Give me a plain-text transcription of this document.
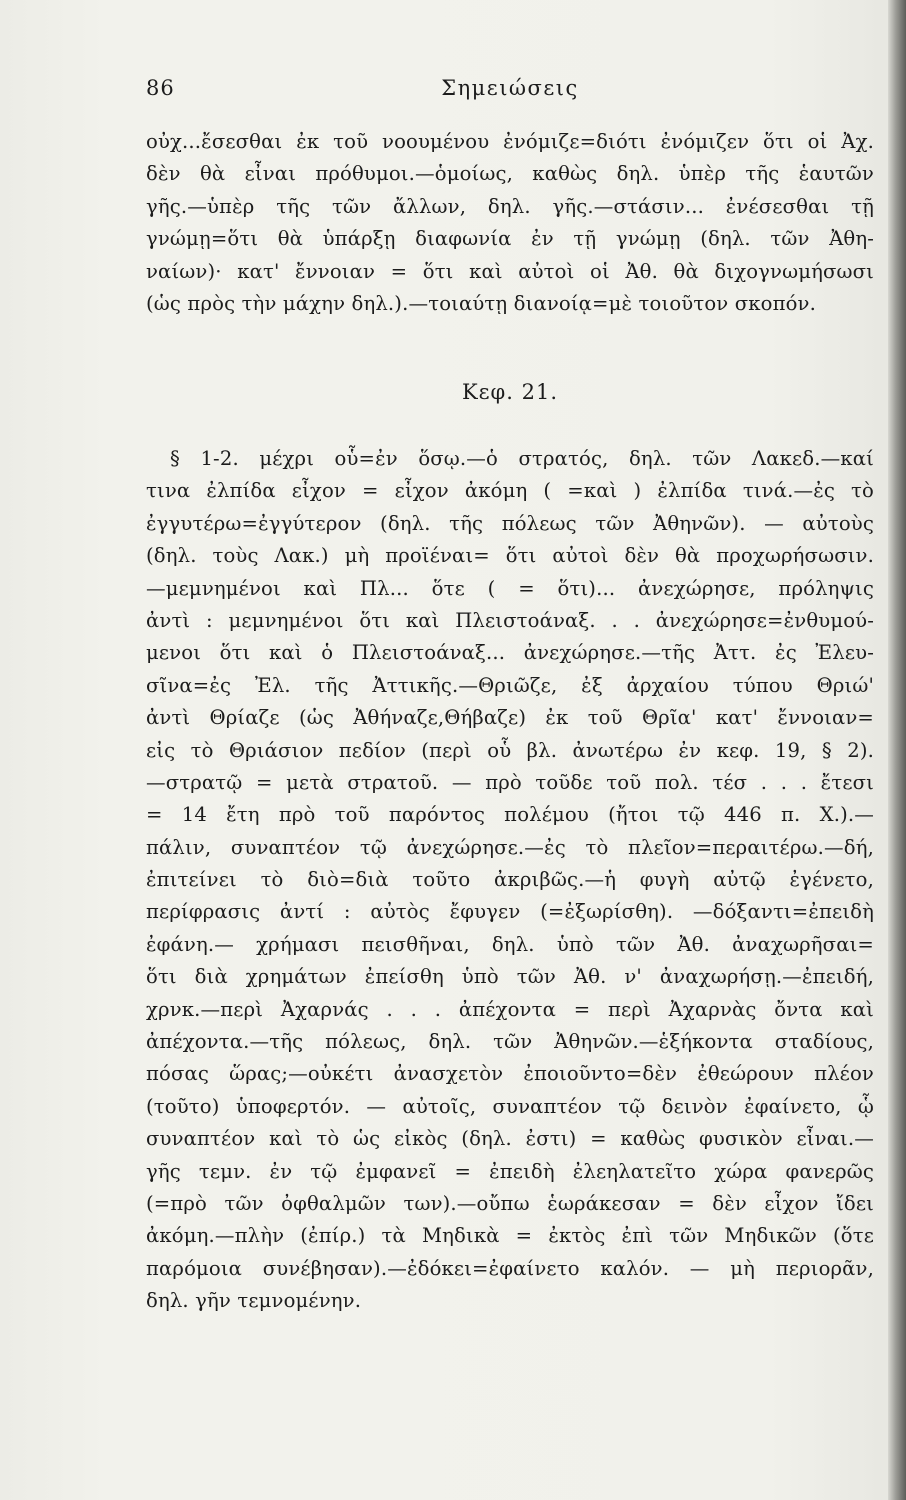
86	Σημειώσεις
οὐχ...ἔσεσθαι ἐκ τοῦ νοουμένου ἐνόμιζε=διότι ἐνόμιζεν ὅτι οἱ Ἀχ.
δὲν θὰ εἶναι πρόθυμοι.—ὁμοίως, καθὼς δηλ. ὑπὲρ τῆς ἑαυτῶν
γῆς.—ὑπὲρ τῆς τῶν ἄλλων, δηλ. γῆς.—στάσιν... ἐνέσεσθαι τῇ
γνώμῃ=ὅτι θὰ ὑπάρξῃ διαφωνία ἐν τῇ γνώμῃ (δηλ. τῶν Ἀθη-
ναίων)· κατ' ἔννοιαν = ὅτι καὶ αὐτοὶ οἱ Ἀθ. θὰ διχογνωμήσωσι
(ὡς πρὸς τὴν μάχην δηλ.).—τοιαύτῃ διανοίᾳ=μὲ τοιοῦτον σκοπόν.
Κεφ. 21.
§ 1-2. μέχρι οὗ=ἐν ὅσῳ.—ὁ στρατός, δηλ. τῶν Λακεδ.—καί
τινα ἐλπίδα εἶχον = εἶχον ἀκόμη ( =καὶ ) ἐλπίδα τινά.—ἐς τὸ
ἐγγυτέρω=ἐγγύτερον (δηλ. τῆς πόλεως τῶν Ἀθηνῶν). — αὐτοὺς
(δηλ. τοὺς Λακ.) μὴ προϊέναι= ὅτι αὐτοὶ δὲν θὰ προχωρήσωσιν.
—μεμνημένοι καὶ Πλ... ὅτε ( = ὅτι)... ἀνεχώρησε, πρόληψις
ἀντὶ : μεμνημένοι ὅτι καὶ Πλειστοάναξ. . . ἀνεχώρησε=ἐνθυμού-
μενοι ὅτι καὶ ὁ Πλειστοάναξ... ἀνεχώρησε.—τῆς Ἀττ. ἐς Ἐλευ-
σῖνα=ἐς Ἐλ. τῆς Ἀττικῆς.—Θριῶζε, ἐξ ἀρχαίου τύπου Θριώ'
ἀντὶ Θρίαζε (ὡς Ἀθήναζε,Θήβαζε) ἐκ τοῦ Θρῖα' κατ' ἔννοιαν=
εἰς τὸ Θριάσιον πεδίον (περὶ οὗ βλ. ἀνωτέρω ἐν κεφ. 19, § 2).
—στρατῷ = μετὰ στρατοῦ. — πρὸ τοῦδε τοῦ πολ. τέσ . . . ἔτεσι
= 14 ἔτη πρὸ τοῦ παρόντος πολέμου (ἤτοι τῷ 446 π. Χ.).—
πάλιν, συναπτέον τῷ ἀνεχώρησε.—ἐς τὸ πλεῖον=περαιτέρω.—δή,
ἐπιτείνει τὸ διὸ=διὰ τοῦτο ἀκριβῶς.—ἡ φυγὴ αὐτῷ ἐγένετο,
περίφρασις ἀντί : αὐτὸς ἔφυγεν (=ἐξωρίσθη). —δόξαντι=ἐπειδὴ
ἐφάνη.— χρήμασι πεισθῆναι, δηλ. ὑπὸ τῶν Ἀθ. ἀναχωρῆσαι=
ὅτι διὰ χρημάτων ἐπείσθη ὑπὸ τῶν Ἀθ. ν' ἀναχωρήσῃ.—ἐπειδή,
χρνκ.—περὶ Ἀχαρνάς . . . ἀπέχοντα = περὶ Ἀχαρνὰς ὄντα καὶ
ἀπέχοντα.—τῆς πόλεως, δηλ. τῶν Ἀθηνῶν.—ἑξήκοντα σταδίους,
πόσας ὥρας;—οὐκέτι ἀνασχετὸν ἐποιοῦντο=δὲν ἐθεώρουν πλέον
(τοῦτο) ὑποφερτόν. — αὐτοῖς, συναπτέον τῷ δεινὸν ἐφαίνετο, ᾧ
συναπτέον καὶ τὸ ὡς εἰκὸς (δηλ. ἐστι) = καθὼς φυσικὸν εἶναι.—
γῆς τεμν. ἐν τῷ ἐμφανεῖ = ἐπειδὴ ἐλεηλατεῖτο χώρα φανερῶς
(=πρὸ τῶν ὀφθαλμῶν των).—οὔπω ἑωράκεσαν = δὲν εἶχον ἴδει
ἀκόμη.—πλὴν (ἐπίρ.) τὰ Μηδικὰ = ἐκτὸς ἐπὶ τῶν Μηδικῶν (ὅτε
παρόμοια συνέβησαν).—ἐδόκει=ἐφαίνετο καλόν. — μὴ περιορᾶν,
δηλ. γῆν τεμνομένην.
